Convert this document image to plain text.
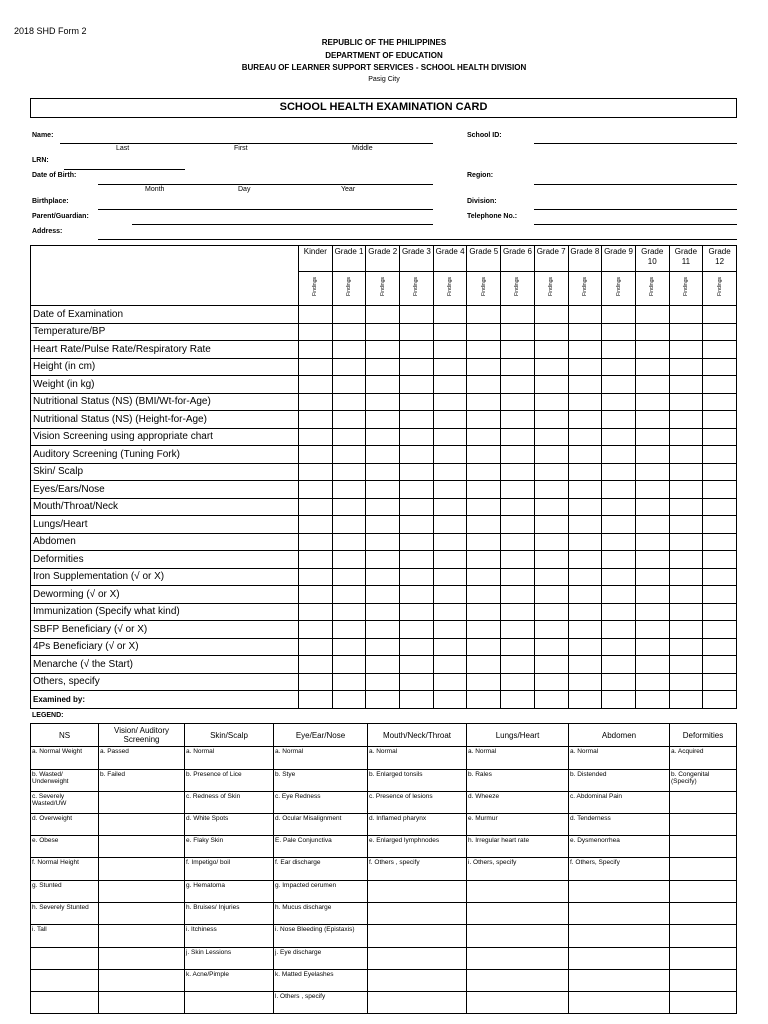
2018 SHD Form 2
REPUBLIC OF THE PHILIPPINES
DEPARTMENT OF EDUCATION
BUREAU OF LEARNER SUPPORT SERVICES - SCHOOL HEALTH DIVISION
Pasig City
SCHOOL HEALTH EXAMINATION CARD
Name:
Last	First	Middle
School ID:
LRN:
Date of Birth:
Month	Day	Year
Region:
Birthplace:	Division:
Parent/Guardian:	Telephone No.:
Address:
	Kinder	Grade 1	Grade 2	Grade 3	Grade 4	Grade 5	Grade 6	Grade 7	Grade 8	Grade 9	Grade 10	Grade 11	Grade 12
	Findings	Findings	Findings	Findings	Findings	Findings	Findings	Findings	Findings	Findings	Findings	Findings	Findings
Date of Examination													
Temperature/BP													
Heart Rate/Pulse Rate/Respiratory Rate													
Height (in cm)													
Weight (in kg)													
Nutritional Status (NS) (BMI/Wt-for-Age)													
Nutritional Status (NS) (Height-for-Age)													
Vision Screening using appropriate chart													
Auditory Screening (Tuning Fork)													
Skin/ Scalp													
Eyes/Ears/Nose													
Mouth/Throat/Neck													
Lungs/Heart													
Abdomen													
Deformities													
Iron Supplementation (√ or X)													
Deworming (√ or X)													
Immunization (Specify what kind)													
SBFP Beneficiary (√ or X)													
4Ps Beneficiary (√ or X)													
Menarche (√ the Start)													
Others, specify													
Examined by:													
LEGEND:
NS	Vision/ Auditory Screening	Skin/Scalp	Eye/Ear/Nose	Mouth/Neck/Throat	Lungs/Heart	Abdomen	Deformities
a. Normal Weight	a. Passed	a. Normal	a. Normal	a. Normal	a. Normal	a. Normal	a. Acquired
b. Wasted/ Underweight	b. Failed	b. Presence of Lice	b. Stye	b. Enlarged tonsils	b. Rales	b. Distended	b. Congenital (Specify)
c. Severely Wasted/UW		c. Redness of Skin	c. Eye Redness	c. Presence of lesions	d. Wheeze	c. Abdominal Pain	
d. Overweight		d. White Spots	d. Ocular Misalignment	d. Inflamed pharynx	e. Murmur	d. Tenderness	
e. Obese		e. Flaky Skin	E. Pale Conjunctiva	e. Enlarged lymphnodes	h. Irregular heart rate	e. Dysmenorrhea	
f. Normal Height		f. Impetigo/ boil	f. Ear discharge	f. Others , specify	i. Others, specify	f. Others, Specify	
g. Stunted		g. Hematoma	g. Impacted cerumen				
h. Severely Stunted		h. Bruises/ Injuries	h. Mucus discharge				
i. Tall		i. Itchiness	i. Nose Bleeding (Epistaxis)				
		j. Skin Lessions	j. Eye discharge				
		k. Acne/Pimple	k. Matted Eyelashes				
			l. Others , specify				
